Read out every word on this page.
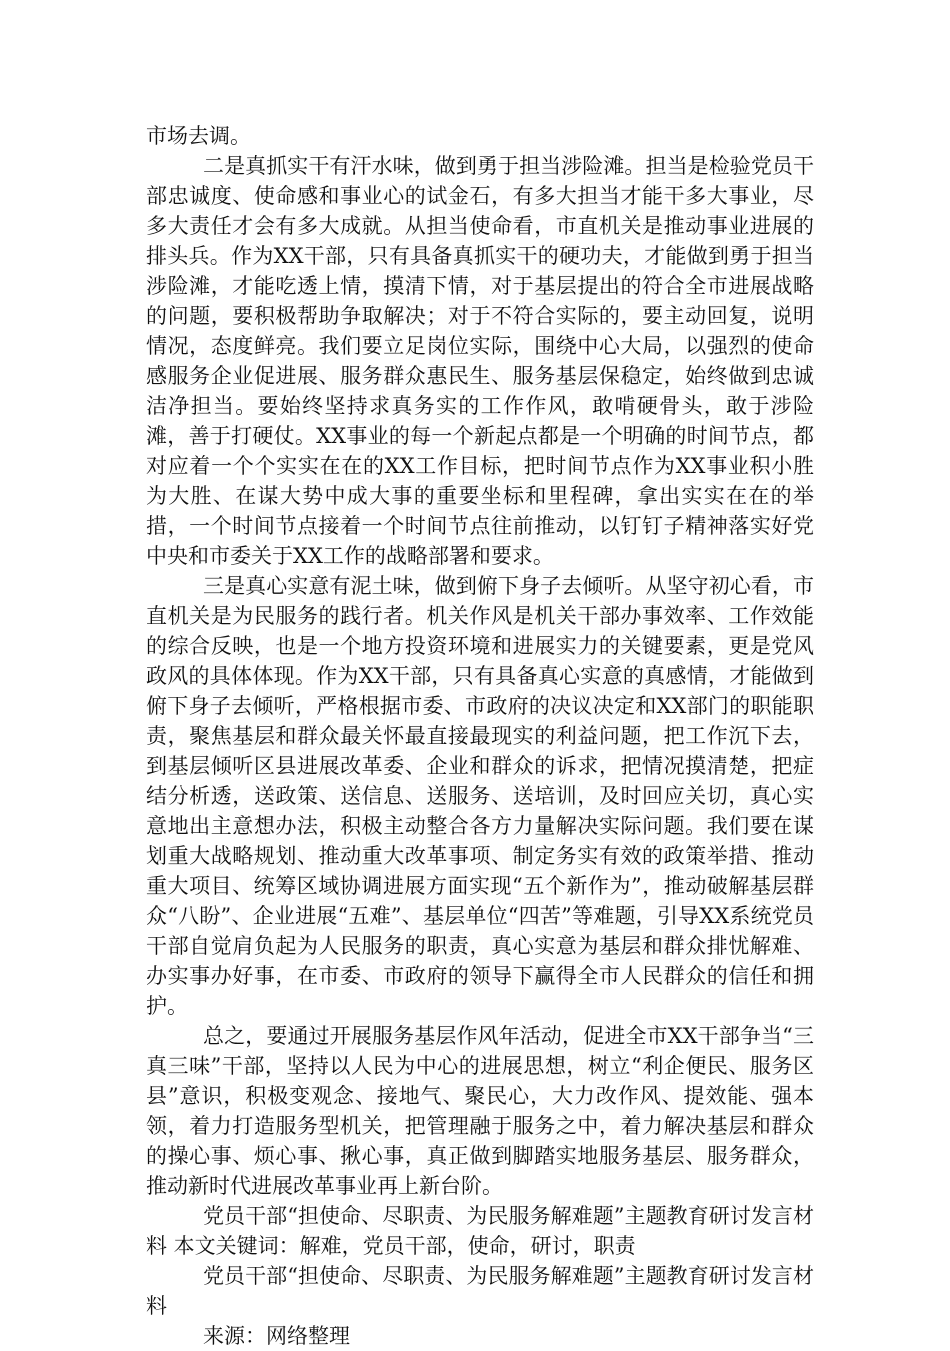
市场去调。

二是真抓实干有汗水味，做到勇于担当涉险滩。担当是检验党员干部忠诚度、使命感和事业心的试金石，有多大担当才能干多大事业，尽多大责任才会有多大成就。从担当使命看，市直机关是推动事业进展的排头兵。作为XX干部，只有具备真抓实干的硬功夫，才能做到勇于担当涉险滩，才能吃透上情，摸清下情，对于基层提出的符合全市进展战略的问题，要积极帮助争取解决；对于不符合实际的，要主动回复，说明情况，态度鲜亮。我们要立足岗位实际，围绕中心大局，以强烈的使命感服务企业促进展、服务群众惠民生、服务基层保稳定，始终做到忠诚洁净担当。要始终坚持求真务实的工作作风，敢啃硬骨头，敢于涉险滩，善于打硬仗。XX事业的每一个新起点都是一个明确的时间节点，都对应着一个个实实在在的XX工作目标，把时间节点作为XX事业积小胜为大胜、在谋大势中成大事的重要坐标和里程碑，拿出实实在在的举措，一个时间节点接着一个时间节点往前推动，以钉钉子精神落实好党中央和市委关于XX工作的战略部署和要求。

三是真心实意有泥土味，做到俯下身子去倾听。从坚守初心看，市直机关是为民服务的践行者。机关作风是机关干部办事效率、工作效能的综合反映，也是一个地方投资环境和进展实力的关键要素，更是党风政风的具体体现。作为XX干部，只有具备真心实意的真感情，才能做到俯下身子去倾听，严格根据市委、市政府的决议决定和XX部门的职能职责，聚焦基层和群众最关怀最直接最现实的利益问题，把工作沉下去，到基层倾听区县进展改革委、企业和群众的诉求，把情况摸清楚，把症结分析透，送政策、送信息、送服务、送培训，及时回应关切，真心实意地出主意想办法，积极主动整合各方力量解决实际问题。我们要在谋划重大战略规划、推动重大改革事项、制定务实有效的政策举措、推动重大项目、统筹区域协调进展方面实现“五个新作为”，推动破解基层群众“八盼”、企业进展“五难”、基层单位“四苦”等难题，引导XX系统党员干部自觉肩负起为人民服务的职责，真心实意为基层和群众排忧解难、办实事办好事，在市委、市政府的领导下赢得全市人民群众的信任和拥护。

总之，要通过开展服务基层作风年活动，促进全市XX干部争当“三真三味”干部，坚持以人民为中心的进展思想，树立“利企便民、服务区县”意识，积极变观念、接地气、聚民心，大力改作风、提效能、强本领，着力打造服务型机关，把管理融于服务之中，着力解决基层和群众的操心事、烦心事、揪心事，真正做到脚踏实地服务基层、服务群众，推动新时代进展改革事业再上新台阶。

党员干部“担使命、尽职责、为民服务解难题”主题教育研讨发言材料 本文关键词：解难，党员干部，使命，研讨，职责

党员干部“担使命、尽职责、为民服务解难题”主题教育研讨发言材料

来源：网络整理
